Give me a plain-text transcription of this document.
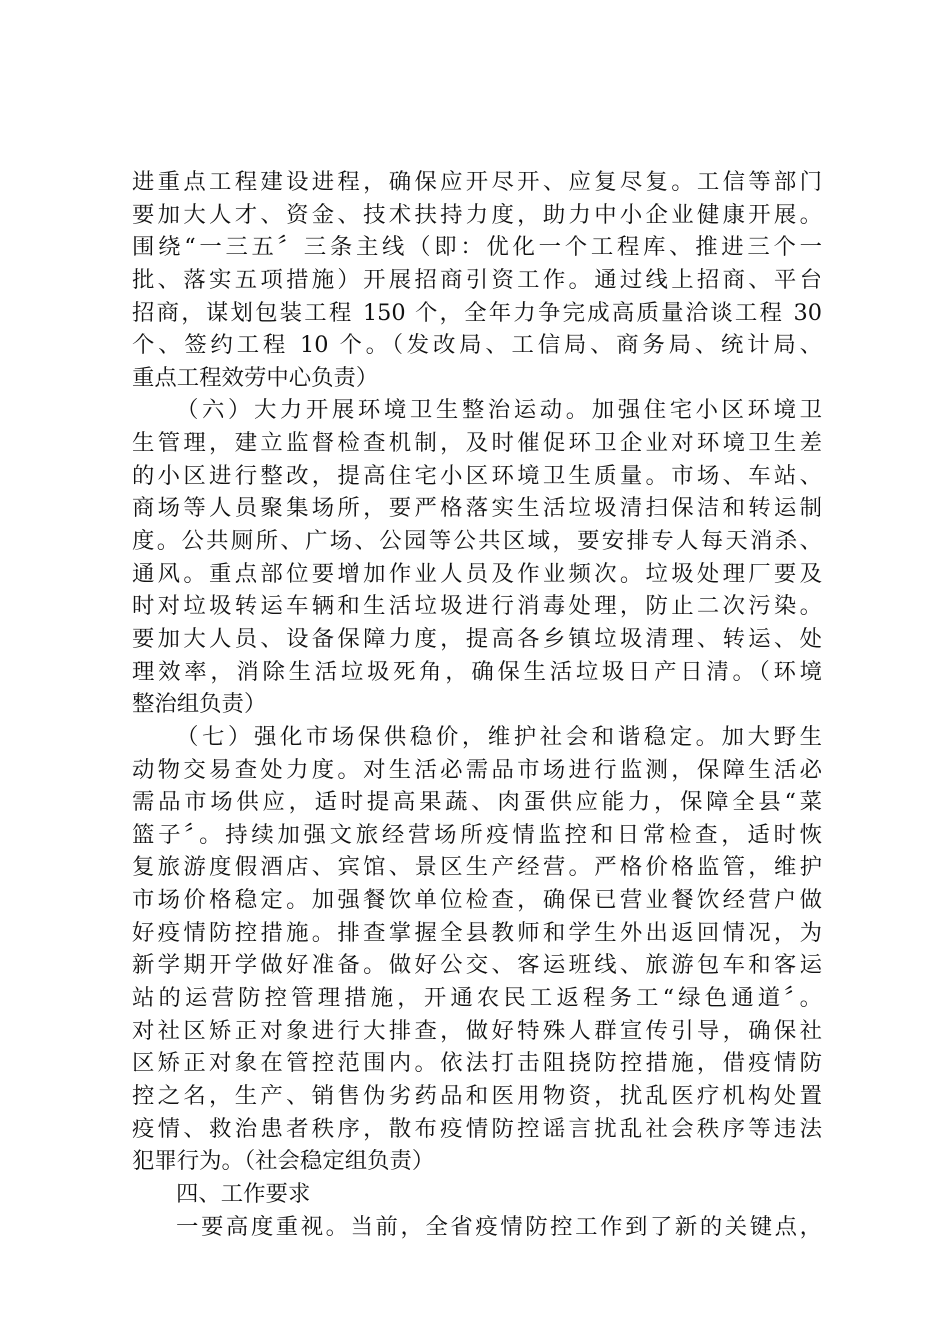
进重点工程建设进程，确保应开尽开、应复尽复。工信等部门
要加大人才、资金、技术扶持力度，助力中小企业健康开展。
围绕“一三五〞三条主线（即：优化一个工程库、推进三个一
批、落实五项措施）开展招商引资工作。通过线上招商、平台
招商，谋划包装工程 150 个，全年力争完成高质量洽谈工程 30
个、签约工程 10 个。（发改局、工信局、商务局、统计局、
重点工程效劳中心负责）
（六）大力开展环境卫生整治运动。加强住宅小区环境卫
生管理，建立监督检查机制，及时催促环卫企业对环境卫生差
的小区进行整改，提高住宅小区环境卫生质量。市场、车站、
商场等人员聚集场所，要严格落实生活垃圾清扫保洁和转运制
度。公共厕所、广场、公园等公共区域，要安排专人每天消杀、
通风。重点部位要增加作业人员及作业频次。垃圾处理厂要及
时对垃圾转运车辆和生活垃圾进行消毒处理，防止二次污染。
要加大人员、设备保障力度，提高各乡镇垃圾清理、转运、处
理效率，消除生活垃圾死角，确保生活垃圾日产日清。（环境
整治组负责）
（七）强化市场保供稳价，维护社会和谐稳定。加大野生
动物交易查处力度。对生活必需品市场进行监测，保障生活必
需品市场供应，适时提高果蔬、肉蛋供应能力，保障全县“菜
篮子〞。持续加强文旅经营场所疫情监控和日常检查，适时恢
复旅游度假酒店、宾馆、景区生产经营。严格价格监管，维护
市场价格稳定。加强餐饮单位检查，确保已营业餐饮经营户做
好疫情防控措施。排查掌握全县教师和学生外出返回情况，为
新学期开学做好准备。做好公交、客运班线、旅游包车和客运
站的运营防控管理措施，开通农民工返程务工“绿色通道〞。
对社区矫正对象进行大排查，做好特殊人群宣传引导，确保社
区矫正对象在管控范围内。依法打击阻挠防控措施，借疫情防
控之名，生产、销售伪劣药品和医用物资，扰乱医疗机构处置
疫情、救治患者秩序，散布疫情防控谣言扰乱社会秩序等违法
犯罪行为。（社会稳定组负责）
四、工作要求
一要高度重视。当前，全省疫情防控工作到了新的关键点，
